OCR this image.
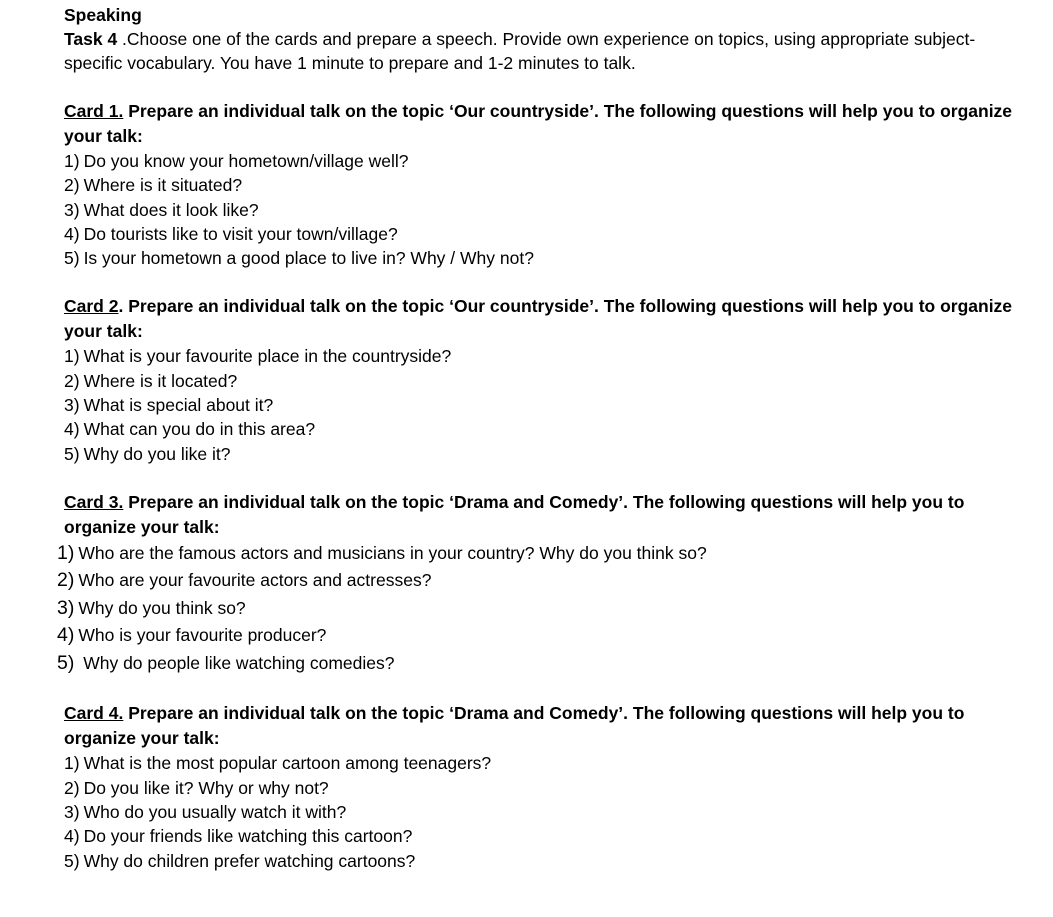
Speaking
Task 4 .Choose one of the cards and prepare a speech. Provide own experience on topics, using appropriate subject-specific vocabulary. You have 1 minute to prepare and 1-2 minutes to talk.
Card 1. Prepare an individual talk on the topic ‘Our countryside’. The following questions will help you to organize your talk:
1) Do you know your hometown/village well?
2) Where is it situated?
3) What does it look like?
4) Do tourists like to visit your town/village?
5) Is your hometown a good place to live in? Why / Why not?
Card 2. Prepare an individual talk on the topic ‘Our countryside’. The following questions will help you to organize your talk:
1) What is your favourite place in the countryside?
2) Where is it located?
3) What is special about it?
4) What can you do in this area?
5) Why do you like it?
Card 3. Prepare an individual talk on the topic ‘Drama and Comedy’. The following questions will help you to organize your talk:
1) Who are the famous actors and musicians in your country? Why do you think so?
2) Who are your favourite actors and actresses?
3) Why do you think so?
4) Who is your favourite producer?
5) Why do people like watching comedies?
Card 4. Prepare an individual talk on the topic ‘Drama and Comedy’. The following questions will help you to organize your talk:
1) What is the most popular cartoon among teenagers?
2) Do you like it? Why or why not?
3) Who do you usually watch it with?
4) Do your friends like watching this cartoon?
5) Why do children prefer watching cartoons?
